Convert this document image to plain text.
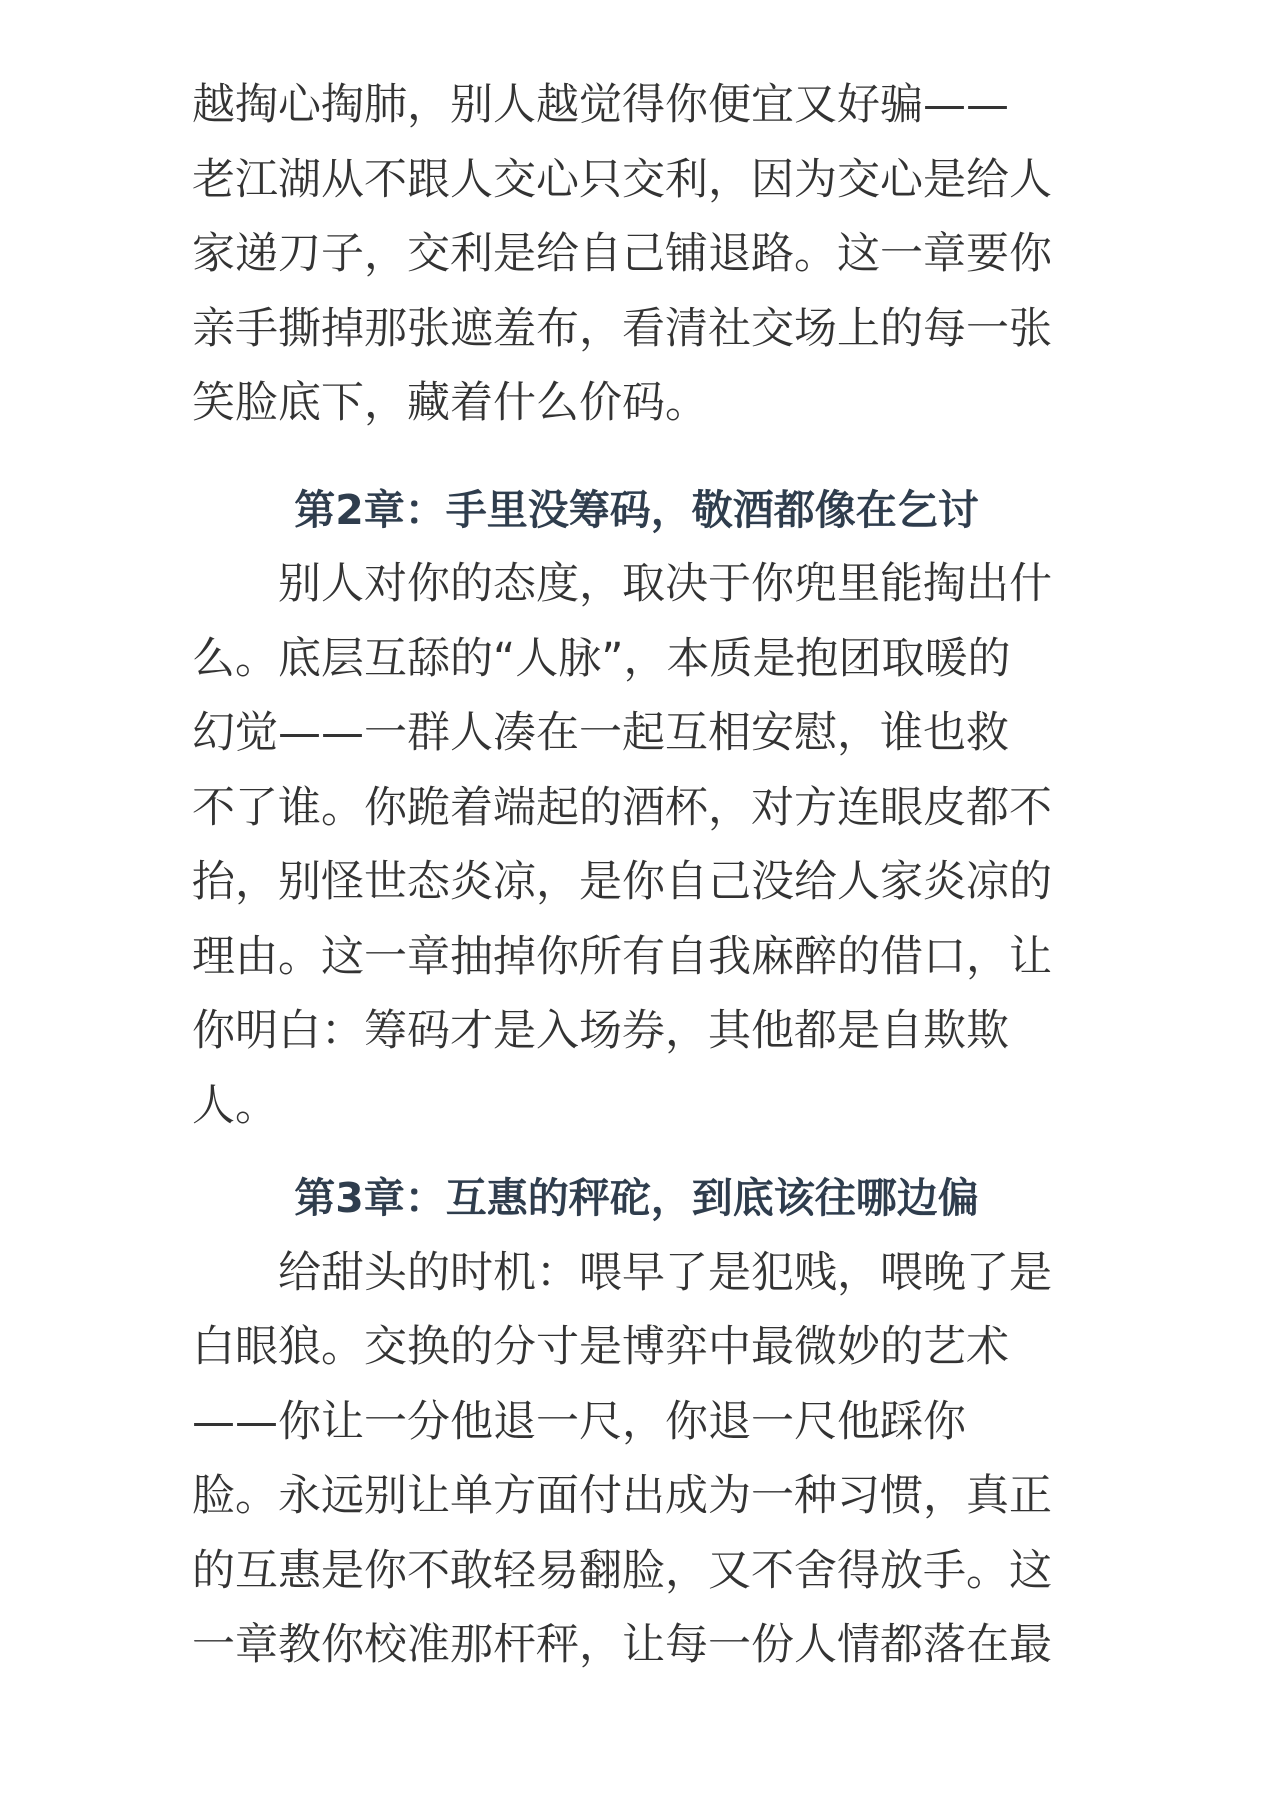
越掏心掏肺，别人越觉得你便宜又好骗——
老江湖从不跟人交心只交利，因为交心是给人
家递刀子，交利是给自己铺退路。这一章要你
亲手撕掉那张遮羞布，看清社交场上的每一张
笑脸底下，藏着什么价码。
第2章：手里没筹码，敬酒都像在乞讨
　　别人对你的态度，取决于你兜里能掏出什
么。底层互舔的“人脉”，本质是抱团取暖的
幻觉——一群人凑在一起互相安慰，谁也救
不了谁。你跪着端起的酒杯，对方连眼皮都不
抬，别怪世态炎凉，是你自己没给人家炎凉的
理由。这一章抽掉你所有自我麻醉的借口，让
你明白：筹码才是入场券，其他都是自欺欺
人。
第3章：互惠的秤砣，到底该往哪边偏
　　给甜头的时机：喂早了是犯贱，喂晚了是
白眼狼。交换的分寸是博弈中最微妙的艺术
——你让一分他退一尺，你退一尺他踩你
脸。永远别让单方面付出成为一种习惯，真正
的互惠是你不敢轻易翻脸，又不舍得放手。这
一章教你校准那杆秤，让每一份人情都落在最
